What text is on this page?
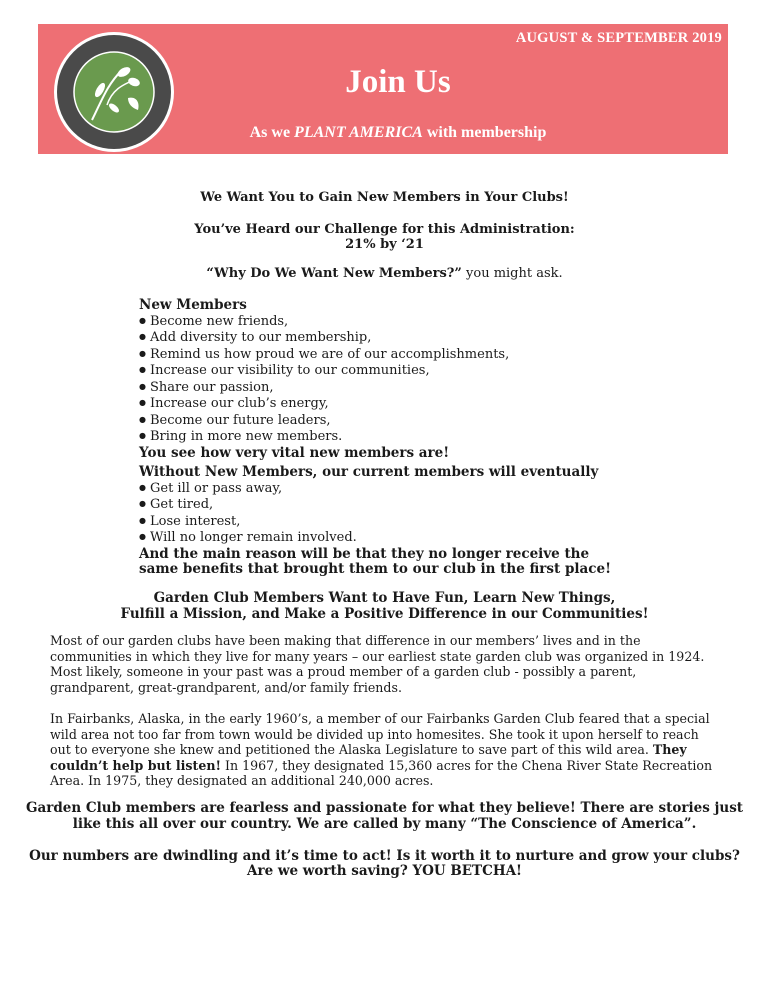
AUGUST & SEPTEMBER 2019
Join Us
As we PLANT AMERICA with membership
We Want You to Gain New Members in Your Clubs!
You’ve Heard our Challenge for this Administration:
21% by ‘21
“Why Do We Want New Members?” you might ask.
New Members
● Become new friends,
● Add diversity to our membership,
● Remind us how proud we are of our accomplishments,
● Increase our visibility to our communities,
● Share our passion,
● Increase our club’s energy,
● Become our future leaders,
● Bring in more new members.
You see how very vital new members are!
Without New Members, our current members will eventually
● Get ill or pass away,
● Get tired,
● Lose interest,
● Will no longer remain involved.
And the main reason will be that they no longer receive the
same benefits that brought them to our club in the first place!
Garden Club Members Want to Have Fun, Learn New Things,
Fulfill a Mission, and Make a Positive Difference in our Communities!
Most of our garden clubs have been making that difference in our members’ lives and in the communities in which they live for many years – our earliest state garden club was organized in 1924. Most likely, someone in your past was a proud member of a garden club - possibly a parent, grandparent, great-grandparent, and/or family friends.
In Fairbanks, Alaska, in the early 1960’s, a member of our Fairbanks Garden Club feared that a special wild area not too far from town would be divided up into homesites. She took it upon herself to reach out to everyone she knew and petitioned the Alaska Legislature to save part of this wild area. They couldn’t help but listen! In 1967, they designated 15,360 acres for the Chena River State Recreation Area. In 1975, they designated an additional 240,000 acres.
Garden Club members are fearless and passionate for what they believe! There are stories just
like this all over our country. We are called by many “The Conscience of America”.
Our numbers are dwindling and it’s time to act! Is it worth it to nurture and grow your clubs?
Are we worth saving? YOU BETCHA!
